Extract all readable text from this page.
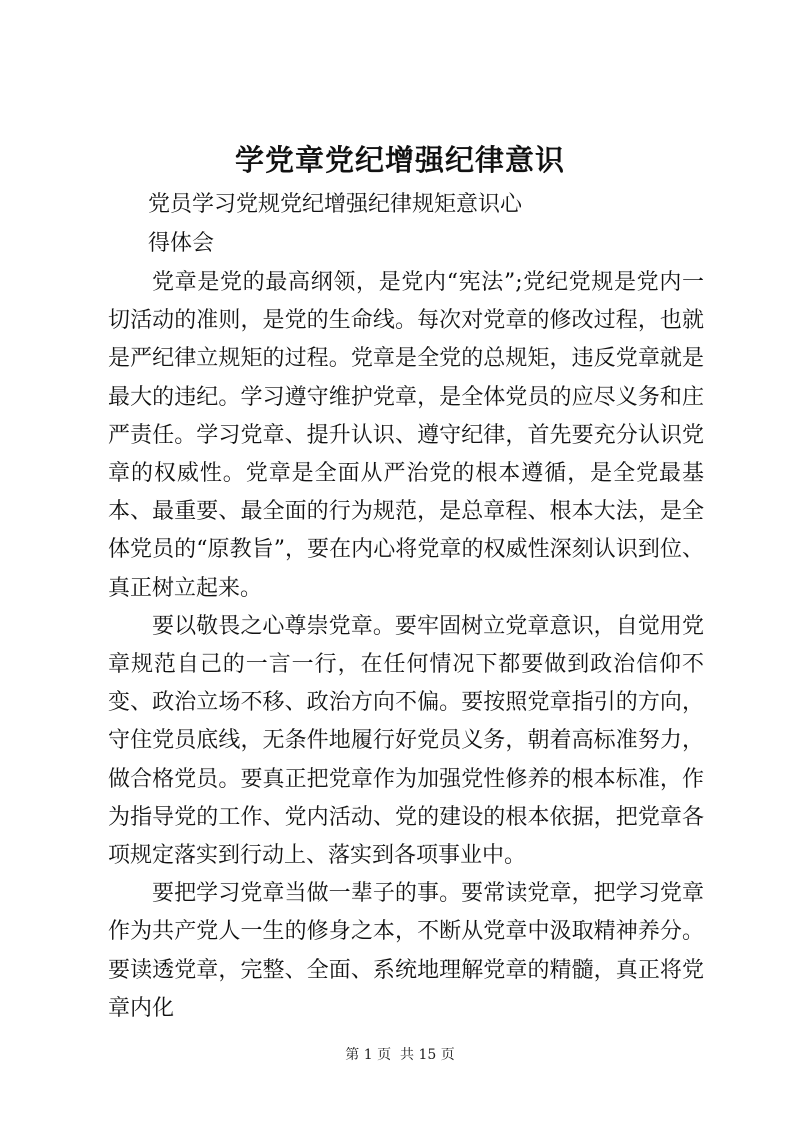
学党章党纪增强纪律意识
党员学习党规党纪增强纪律规矩意识心
得体会

党章是党的最高纲领，是党内“宪法”;党纪党规是党内一切活动的准则，是党的生命线。每次对党章的修改过程，也就是严纪律立规矩的过程。党章是全党的总规矩，违反党章就是最大的违纪。学习遵守维护党章，是全体党员的应尽义务和庄严责任。学习党章、提升认识、遵守纪律，首先要充分认识党章的权威性。党章是全面从严治党的根本遵循，是全党最基本、最重要、最全面的行为规范，是总章程、根本大法，是全体党员的“原教旨”，要在内心将党章的权威性深刻认识到位、真正树立起来。

要以敬畏之心尊崇党章。要牢固树立党章意识，自觉用党章规范自己的一言一行，在任何情况下都要做到政治信仰不变、政治立场不移、政治方向不偏。要按照党章指引的方向，守住党员底线，无条件地履行好党员义务，朝着高标准努力，做合格党员。要真正把党章作为加强党性修养的根本标准，作为指导党的工作、党内活动、党的建设的根本依据，把党章各项规定落实到行动上、落实到各项事业中。

要把学习党章当做一辈子的事。要常读党章，把学习党章作为共产党人一生的修身之本，不断从党章中汲取精神养分。要读透党章，完整、全面、系统地理解党章的精髓，真正将党章内化

第 1 页  共 15 页
